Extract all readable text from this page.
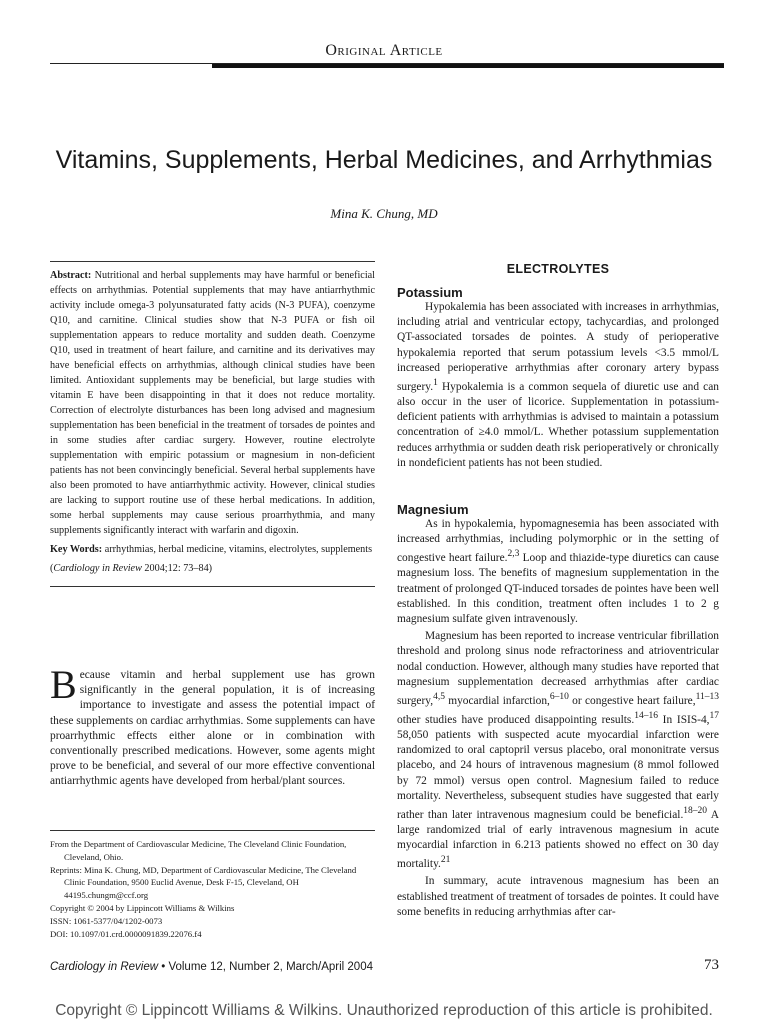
Original Article
Vitamins, Supplements, Herbal Medicines, and Arrhythmias
Mina K. Chung, MD

Abstract: Nutritional and herbal supplements may have harmful or beneficial effects on arrhythmias. Potential supplements that may have antiarrhythmic activity include omega-3 polyunsaturated fatty acids (N-3 PUFA), coenzyme Q10, and carnitine. Clinical studies show that N-3 PUFA or fish oil supplementation appears to reduce mortality and sudden death. Coenzyme Q10, used in treatment of heart failure, and carnitine and its derivatives may have beneficial effects on arrhythmias, although clinical studies have been limited. Antioxidant supplements may be beneficial, but large studies with vitamin E have been disappointing in that it does not reduce mortality. Correction of electrolyte disturbances has been long advised and magnesium supplementation has been beneficial in the treatment of torsades de pointes and in some studies after cardiac surgery. However, routine electrolyte supplementation with empiric potassium or magnesium in non-deficient patients has not been convincingly beneficial. Several herbal supplements have also been promoted to have antiarrhythmic activity. However, clinical studies are lacking to support routine use of these herbal medications. In addition, some herbal supplements may cause serious proarrhythmia, and many supplements significantly interact with warfarin and digoxin.

Key Words: arrhythmias, herbal medicine, vitamins, electrolytes, supplements

(Cardiology in Review 2004;12: 73–84)

Because vitamin and herbal supplement use has grown significantly in the general population, it is of increasing importance to investigate and assess the potential impact of these supplements on cardiac arrhythmias. Some supplements can have proarrhythmic effects either alone or in combination with conventionally prescribed medications. However, some agents might prove to be beneficial, and several of our more effective conventional antiarrhythmic agents have developed from herbal/plant sources.

From the Department of Cardiovascular Medicine, The Cleveland Clinic Foundation, Cleveland, Ohio.

Reprints: Mina K. Chung, MD, Department of Cardiovascular Medicine, The Cleveland Clinic Foundation, 9500 Euclid Avenue, Desk F-15, Cleveland, OH 44195.chungm@ccf.org

Copyright © 2004 by Lippincott Williams & Wilkins

ISSN: 1061-5377/04/1202-0073

DOI: 10.1097/01.crd.0000091839.22076.f4

ELECTROLYTES

Potassium

Hypokalemia has been associated with increases in arrhythmias, including atrial and ventricular ectopy, tachycardias, and prolonged QT-associated torsades de pointes. A study of perioperative hypokalemia reported that serum potassium levels <3.5 mmol/L increased perioperative arrhythmias after coronary artery bypass surgery.$^1$ Hypokalemia is a common sequela of diuretic use and can also occur in the user of licorice. Supplementation in potassium-deficient patients with arrhythmias is advised to maintain a potassium concentration of ≥4.0 mmol/L. Whether potassium supplementation reduces arrhythmia or sudden death risk perioperatively or chronically in nondeficient patients has not been studied.

Magnesium

As in hypokalemia, hypomagnesemia has been associated with increased arrhythmias, including polymorphic or in the setting of congestive heart failure.$^{2,3}$ Loop and thiazide-type diuretics can cause magnesium loss. The benefits of magnesium supplementation in the treatment of prolonged QT-induced torsades de pointes have been well established. In this condition, treatment often includes 1 to 2 g magnesium sulfate given intravenously.

Magnesium has been reported to increase ventricular fibrillation threshold and prolong sinus node refractoriness and atrioventricular nodal conduction. However, although many studies have reported that magnesium supplementation decreased arrhythmias after cardiac surgery,$^{4,5}$ myocardial infarction,$^{6-10}$ or congestive heart failure,$^{11-13}$ other studies have produced disappointing results.$^{14-16}$ In ISIS-4,17 58,050 patients with suspected acute myocardial infarction were randomized to oral captopril versus placebo, oral mononitrate versus placebo, and 24 hours of intravenous magnesium (8 mmol followed by 72 mmol) versus open control. Magnesium failed to reduce mortality. Nevertheless, subsequent studies have suggested that early rather than later intravenous magnesium could be beneficial.$^{18-20}$ A large randomized trial of early intravenous magnesium in acute myocardial infarction in 6.213 patients showed no effect on 30 day mortality.$^{21}$

In summary, acute intravenous magnesium has been an established treatment of treatment of torsades de pointes. It could have some benefits in reducing arrhythmias after car-

Cardiology in Review • Volume 12, Number 2, March/April 2004	73
Copyright © Lippincott Williams & Wilkins. Unauthorized reproduction of this article is prohibited.
